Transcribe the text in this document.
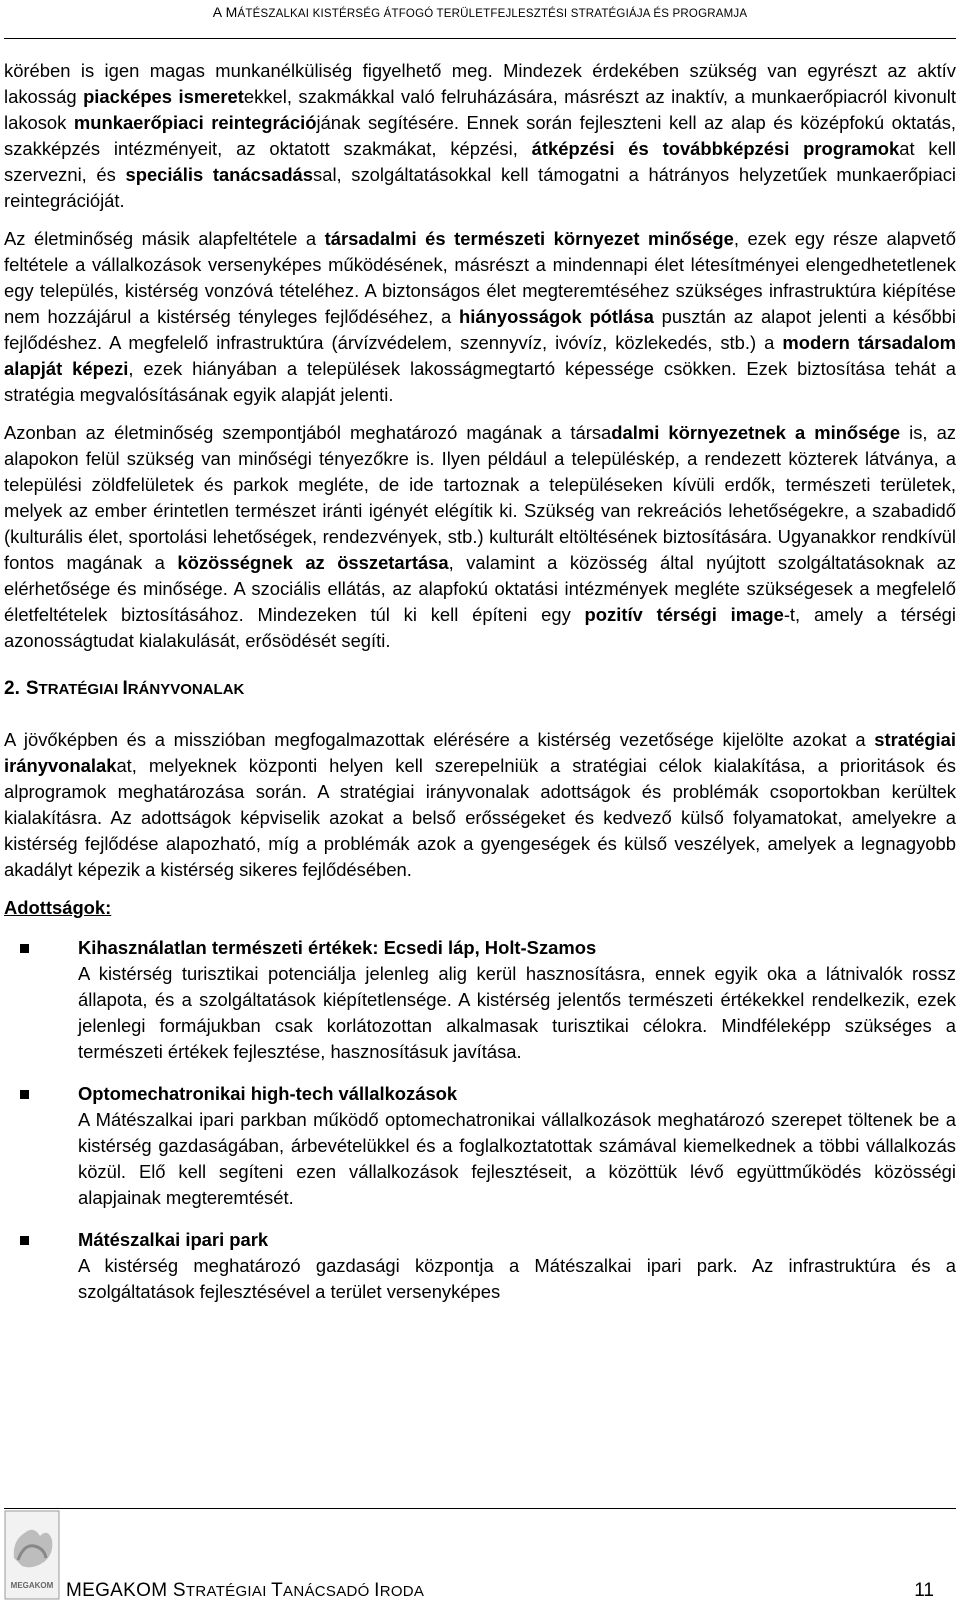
A MÁTÉSZALKAI KISTÉRSÉG ÁTFOGÓ TERÜLETFEJLESZTÉSI STRATÉGIÁJA ÉS PROGRAMJA

körében is igen magas munkanélküliség figyelhető meg. Mindezek érdekében szükség van egyrészt az aktív lakosság piacképes ismeretekkel, szakmákkal való felruházására, másrészt az inaktív, a munkaerőpiacról kivonult lakosok munkaerőpiaci reintegrációjának segítésére. Ennek során fejleszteni kell az alap és középfokú oktatás, szakképzés intézményeit, az oktatott szakmákat, képzési, átképzési és továbbképzési programokat kell szervezni, és speciális tanácsadással, szolgáltatásokkal kell támogatni a hátrányos helyzetűek munkaerőpiaci reintegrációját.

Az életminőség másik alapfeltétele a társadalmi és természeti környezet minősége, ezek egy része alapvető feltétele a vállalkozások versenyképes működésének, másrészt a mindennapi élet létesítményei elengedhetetlenek egy település, kistérség vonzóvá tételéhez. A biztonságos élet megteremtéséhez szükséges infrastruktúra kiépítése nem hozzájárul a kistérség tényleges fejlődéséhez, a hiányosságok pótlása pusztán az alapot jelenti a későbbi fejlődéshez. A megfelelő infrastruktúra (árvízvédelem, szennyvíz, ivóvíz, közlekedés, stb.) a modern társadalom alapját képezi, ezek hiányában a települések lakosságmegtartó képessége csökken. Ezek biztosítása tehát a stratégia megvalósításának egyik alapját jelenti.

Azonban az életminőség szempontjából meghatározó magának a társadalmi környezetnek a minősége is, az alapokon felül szükség van minőségi tényezőkre is. Ilyen például a településkép, a rendezett közterek látványa, a települési zöldfelületek és parkok megléte, de ide tartoznak a településeken kívüli erdők, természeti területek, melyek az ember érintetlen természet iránti igényét elégítik ki. Szükség van rekreációs lehetőségekre, a szabadidő (kulturális élet, sportolási lehetőségek, rendezvények, stb.) kulturált eltöltésének biztosítására. Ugyanakkor rendkívül fontos magának a közösségnek az összetartása, valamint a közösség által nyújtott szolgáltatásoknak az elérhetősége és minősége. A szociális ellátás, az alapfokú oktatási intézmények megléte szükségesek a megfelelő életfeltételek biztosításához. Mindezeken túl ki kell építeni egy pozitív térségi image-t, amely a térségi azonosságtudat kialakulását, erősödését segíti.

2. STRATÉGIAI IRÁNYVONALAK

A jövőképben és a misszióban megfogalmazottak elérésére a kistérség vezetősége kijelölte azokat a stratégiai irányvonalakat, melyeknek központi helyen kell szerepelniük a stratégiai célok kialakítása, a prioritások és alprogramok meghatározása során. A stratégiai irányvonalak adottságok és problémák csoportokban kerültek kialakításra. Az adottságok képviselik azokat a belső erősségeket és kedvező külső folyamatokat, amelyekre a kistérség fejlődése alapozható, míg a problémák azok a gyengeségek és külső veszélyek, amelyek a legnagyobb akadályt képezik a kistérség sikeres fejlődésében.

Adottságok:
Kihasználatlan természeti értékek: Ecsedi láp, Holt-Szamos
A kistérség turisztikai potenciálja jelenleg alig kerül hasznosításra, ennek egyik oka a látnivalók rossz állapota, és a szolgáltatások kiépítetlensége. A kistérség jelentős természeti értékekkel rendelkezik, ezek jelenlegi formájukban csak korlátozottan alkalmasak turisztikai célokra. Mindféleképp szükséges a természeti értékek fejlesztése, hasznosításuk javítása.
Optomechatronikai high-tech vállalkozások
A Mátészalkai ipari parkban működő optomechatronikai vállalkozások meghatározó szerepet töltenek be a kistérség gazdaságában, árbevételükkel és a foglalkoztatottak számával kiemelkednek a többi vállalkozás közül. Elő kell segíteni ezen vállalkozások fejlesztéseit, a közöttük lévő együttműködés közösségi alapjainak megteremtését.
Mátészalkai ipari park
A kistérség meghatározó gazdasági központja a Mátészalkai ipari park. Az infrastruktúra és a szolgáltatások fejlesztésével a terület versenyképes
MEGAKOM MEGAKOM STRATÉGIAI TANÁCSADÓ IRODA	11
